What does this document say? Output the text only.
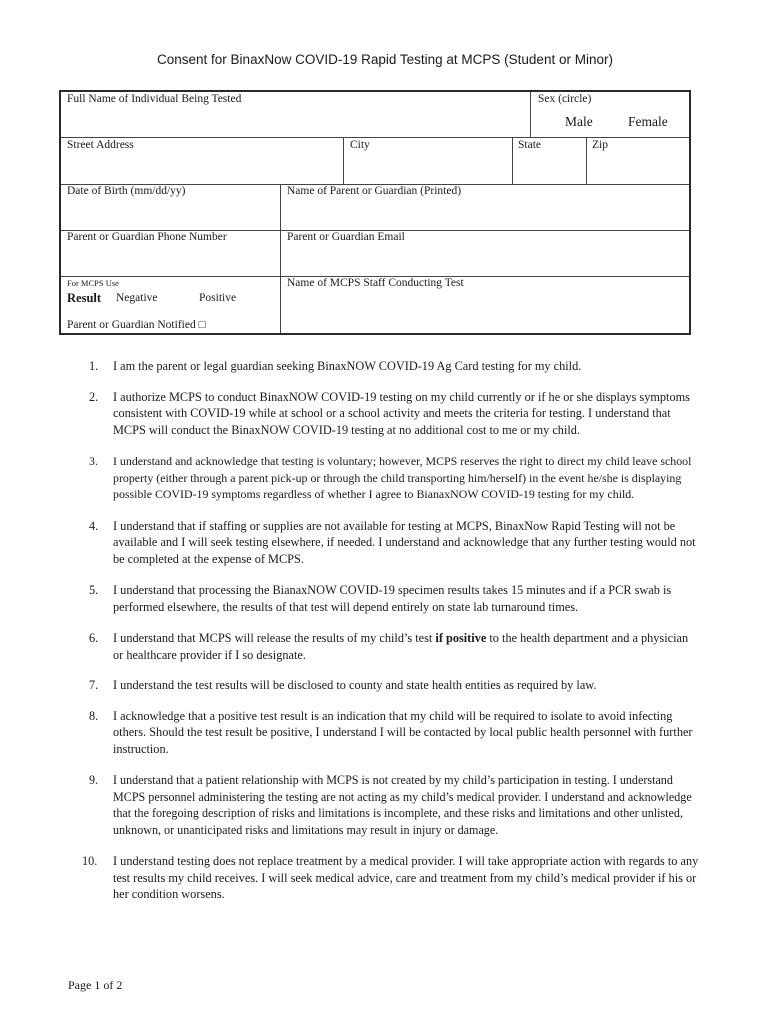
Consent for BinaxNow COVID-19 Rapid Testing at MCPS (Student or Minor)
Full Name of Individual Being Tested	Sex (circle)
Male	Female
Street Address	City	State	Zip
Date of Birth (mm/dd/yy)	Name of Parent or Guardian (Printed)
Parent or Guardian Phone Number	Parent or Guardian Email
For MCPS Use
Result Negative	Positive
Parent or Guardian Notified □
Name of MCPS Staff Conducting Test
1. I am the parent or legal guardian seeking BinaxNOW COVID-19 Ag Card testing for my child.
2. I authorize MCPS to conduct BinaxNOW COVID-19 testing on my child currently or if he or she displays symptoms consistent with COVID-19 while at school or a school activity and meets the criteria for testing. I understand that MCPS will conduct the BinaxNOW COVID-19 testing at no additional cost to me or my child.
3. I understand and acknowledge that testing is voluntary; however, MCPS reserves the right to direct my child leave school property (either through a parent pick-up or through the child transporting him/herself) in the event he/she is displaying possible COVID-19 symptoms regardless of whether I agree to BianaxNOW COVID-19 testing for my child.
4. I understand that if staffing or supplies are not available for testing at MCPS, BinaxNow Rapid Testing will not be available and I will seek testing elsewhere, if needed. I understand and acknowledge that any further testing would not be completed at the expense of MCPS.
5. I understand that processing the BianaxNOW COVID-19 specimen results takes 15 minutes and if a PCR swab is performed elsewhere, the results of that test will depend entirely on state lab turnaround times.
6. I understand that MCPS will release the results of my child’s test if positive to the health department and a physician or healthcare provider if I so designate.
7. I understand the test results will be disclosed to county and state health entities as required by law.
8. I acknowledge that a positive test result is an indication that my child will be required to isolate to avoid infecting others. Should the test result be positive, I understand I will be contacted by local public health personnel with further instruction.
9. I understand that a patient relationship with MCPS is not created by my child’s participation in testing. I understand MCPS personnel administering the testing are not acting as my child’s medical provider. I understand and acknowledge that the foregoing description of risks and limitations is incomplete, and these risks and limitations and other unlisted, unknown, or unanticipated risks and limitations may result in injury or damage.
10. I understand testing does not replace treatment by a medical provider. I will take appropriate action with regards to any test results my child receives. I will seek medical advice, care and treatment from my child’s medical provider if his or her condition worsens.
Page 1 of 2
